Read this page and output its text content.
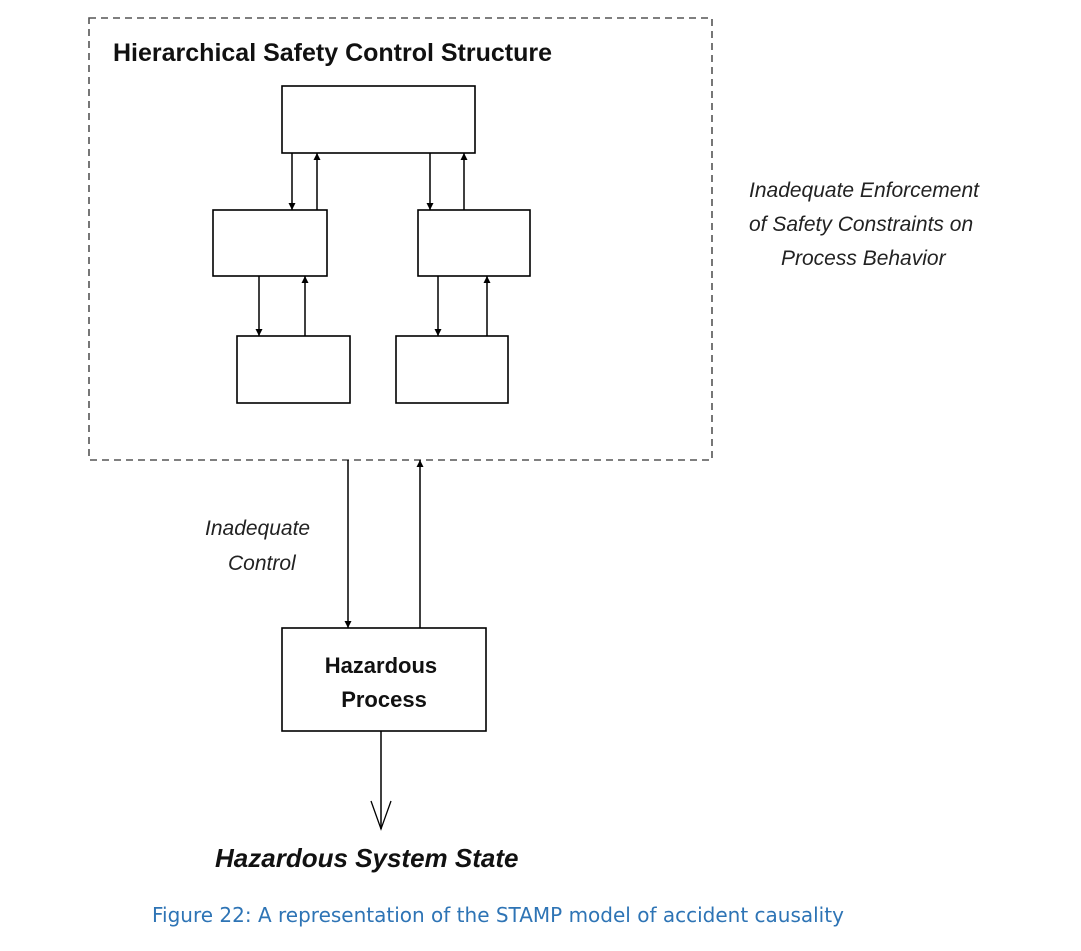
Hierarchical Safety Control Structure
Inadequate Enforcement of Safety Constraints on Process Behavior
Inadequate Control
Hazardous Process
Hazardous System State
Figure 22: A representation of the STAMP model of accident causality
